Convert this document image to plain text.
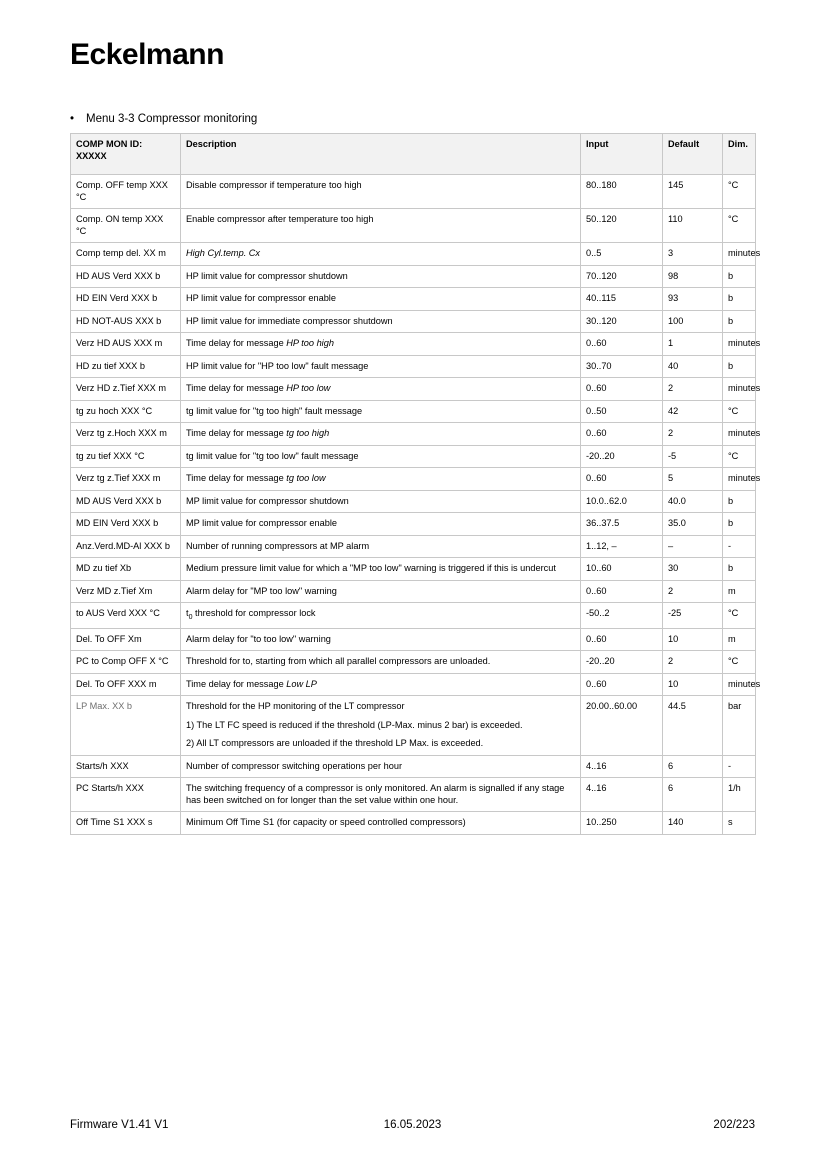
Eckelmann
• Menu 3-3 Compressor monitoring
COMP MON ID:
XXXXX	Description	Input	Default	Dim.
Comp. OFF temp XXX °C	Disable compressor if temperature too high	80..180	145	°C
Comp. ON temp XXX °C	Enable compressor after temperature too high	50..120	110	°C
Comp temp del. XX m	High Cyl.temp. Cx	0..5	3	minutes
HD AUS Verd XXX b	HP limit value for compressor shutdown	70..120	98	b
HD EIN Verd XXX b	HP limit value for compressor enable	40..115	93	b
HD NOT-AUS XXX b	HP limit value for immediate compressor shutdown	30..120	100	b
Verz HD AUS XXX m	Time delay for message HP too high	0..60	1	minutes
HD zu tief XXX b	HP limit value for "HP too low" fault message	30..70	40	b
Verz HD z.Tief XXX m	Time delay for message HP too low	0..60	2	minutes
tg zu hoch XXX °C	tg limit value for "tg too high" fault message	0..50	42	°C
Verz tg z.Hoch XXX m	Time delay for message tg too high	0..60	2	minutes
tg zu tief XXX °C	tg limit value for "tg too low" fault message	-20..20	-5	°C
Verz tg z.Tief XXX m	Time delay for message tg too low	0..60	5	minutes
MD AUS Verd XXX b	MP limit value for compressor shutdown	10.0..62.0	40.0	b
MD EIN Verd XXX b	MP limit value for compressor enable	36..37.5	35.0	b
Anz.Verd.MD-Al XXX b	Number of running compressors at MP alarm	1..12, –	–	-
MD zu tief Xb	Medium pressure limit value for which a "MP too low" warning is triggered if this is undercut	10..60	30	b
Verz MD z.Tief Xm	Alarm delay for "MP too low" warning	0..60	2	m
to AUS Verd XXX °C	$t_0$ threshold for compressor lock	-50..2	-25	°C
Del. To OFF Xm	Alarm delay for "to too low" warning	0..60	10	m
PC to Comp OFF X °C	Threshold for to, starting from which all parallel compressors are unloaded.	-20..20	2	°C
Del. To OFF XXX m	Time delay for message Low LP	0..60	10	minutes
LP Max. XX b	Threshold for the HP monitoring of the LT compressor
1) The LT FC speed is reduced if the threshold (LP-Max. minus 2 bar) is exceeded.
2) All LT compressors are unloaded if the threshold LP Max. is exceeded.	20.00..60.00	44.5	bar
Starts/h XXX	Number of compressor switching operations per hour	4..16	6	-
PC Starts/h XXX	The switching frequency of a compressor is only monitored. An alarm is signalled if any stage has been switched on for longer than the set value within one hour.	4..16	6	1/h
Off Time S1 XXX s	Minimum Off Time S1 (for capacity or speed controlled compressors)	10..250	140	s
Firmware V1.41 V1	16.05.2023	202/223
